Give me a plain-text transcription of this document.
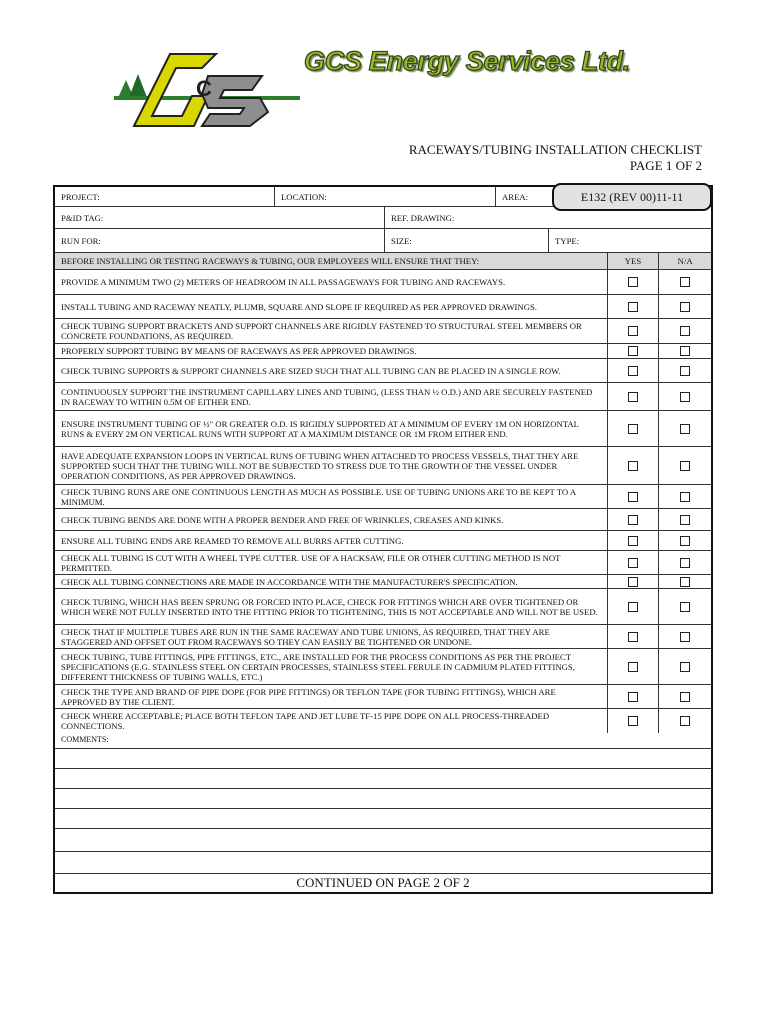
C
GCS Energy Services Ltd.
RACEWAYS/TUBING INSTALLATION CHECKLIST
PAGE 1 OF 2
PROJECT:	LOCATION:	AREA:
P&ID TAG:	REF. DRAWING:
RUN FOR:	SIZE:	TYPE:
BEFORE INSTALLING OR TESTING RACEWAYS & TUBING, OUR EMPLOYEES WILL ENSURE THAT THEY:	YES	N/A
PROVIDE A MINIMUM TWO (2) METERS OF HEADROOM IN ALL PASSAGEWAYS FOR TUBING AND RACEWAYS.
INSTALL TUBING AND RACEWAY NEATLY, PLUMB, SQUARE AND SLOPE IF REQUIRED AS PER APPROVED DRAWINGS.
CHECK TUBING SUPPORT BRACKETS AND SUPPORT CHANNELS ARE RIGIDLY FASTENED TO STRUCTURAL STEEL MEMBERS OR CONCRETE FOUNDATIONS, AS REQUIRED.
PROPERLY SUPPORT TUBING BY MEANS OF RACEWAYS AS PER APPROVED DRAWINGS.
CHECK TUBING SUPPORTS & SUPPORT CHANNELS ARE SIZED SUCH THAT ALL TUBING CAN BE PLACED IN A SINGLE ROW.
CONTINUOUSLY SUPPORT THE INSTRUMENT CAPILLARY LINES AND TUBING, (LESS THAN ½ O.D.) AND ARE SECURELY FASTENED IN RACEWAY TO WITHIN 0.5M OF EITHER END.
ENSURE INSTRUMENT TUBING OF ½" OR GREATER O.D. IS RIGIDLY SUPPORTED AT A MINIMUM OF EVERY 1M ON HORIZONTAL RUNS & EVERY 2M ON VERTICAL RUNS WITH SUPPORT AT A MAXIMUM DISTANCE OR 1M FROM EITHER END.
HAVE ADEQUATE EXPANSION LOOPS IN VERTICAL RUNS OF TUBING WHEN ATTACHED TO PROCESS VESSELS, THAT THEY ARE SUPPORTED SUCH THAT THE TUBING WILL NOT BE SUBJECTED TO STRESS DUE TO THE GROWTH OF THE VESSEL UNDER OPERATION CONDITIONS, AS PER APPROVED DRAWINGS.
CHECK TUBING RUNS ARE ONE CONTINUOUS LENGTH AS MUCH AS POSSIBLE. USE OF TUBING UNIONS ARE TO BE KEPT TO A MINIMUM.
CHECK TUBING BENDS ARE DONE WITH A PROPER BENDER AND FREE OF WRINKLES, CREASES AND KINKS.
ENSURE ALL TUBING ENDS ARE REAMED TO REMOVE ALL BURRS AFTER CUTTING.
CHECK ALL TUBING IS CUT WITH A WHEEL TYPE CUTTER. USE OF A HACKSAW, FILE OR OTHER CUTTING METHOD IS NOT PERMITTED.
CHECK ALL TUBING CONNECTIONS ARE MADE IN ACCORDANCE WITH THE MANUFACTURER'S SPECIFICATION.
CHECK TUBING, WHICH HAS BEEN SPRUNG OR FORCED INTO PLACE, CHECK FOR FITTINGS WHICH ARE OVER TIGHTENED OR WHICH WERE NOT FULLY INSERTED INTO THE FITTING PRIOR TO TIGHTENING, THIS IS NOT ACCEPTABLE AND WILL NOT BE USED.
CHECK THAT IF MULTIPLE TUBES ARE RUN IN THE SAME RACEWAY AND TUBE UNIONS, AS REQUIRED, THAT THEY ARE STAGGERED AND OFFSET OUT FROM RACEWAYS SO THEY CAN EASILY BE TIGHTENED OR UNDONE.
CHECK TUBING, TUBE FITTINGS, PIPE FITTINGS, ETC., ARE INSTALLED FOR THE PROCESS CONDITIONS AS PER THE PROJECT SPECIFICATIONS (E.G. STAINLESS STEEL ON CERTAIN PROCESSES, STAINLESS STEEL FERULE IN CADMIUM PLATED FITTINGS, DIFFERENT THICKNESS OF TUBING WALLS, ETC.)
CHECK THE TYPE AND BRAND OF PIPE DOPE (FOR PIPE FITTINGS) OR TEFLON TAPE (FOR TUBING FITTINGS), WHICH ARE APPROVED BY THE CLIENT.
CHECK WHERE ACCEPTABLE; PLACE BOTH TEFLON TAPE AND JET LUBE TF-15 PIPE DOPE ON ALL PROCESS-THREADED CONNECTIONS.
COMMENTS:
CONTINUED ON PAGE 2 OF 2
E132 (REV 00)11-11
